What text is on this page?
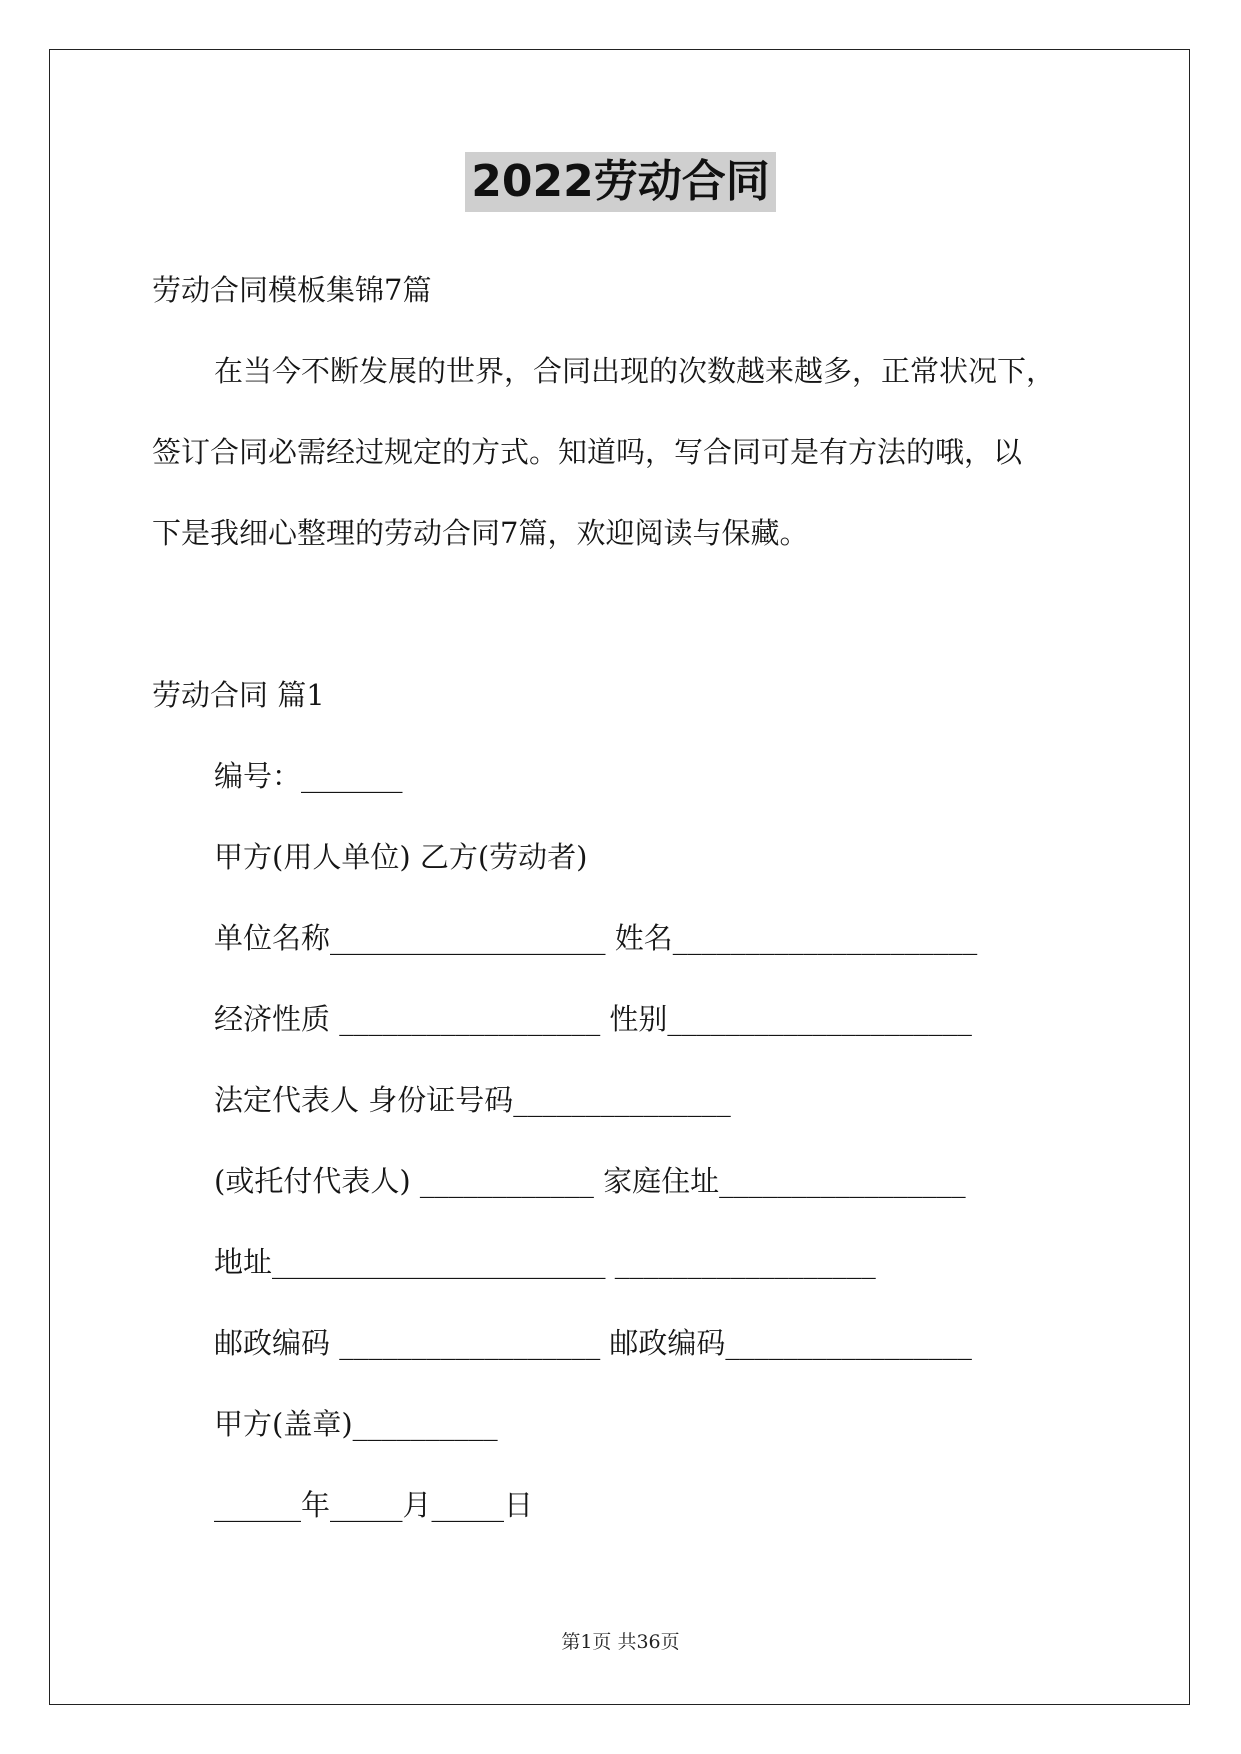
2022劳动合同
劳动合同模板集锦7篇
在当今不断发展的世界，合同出现的次数越来越多，正常状况下，
签订合同必需经过规定的方式。知道吗，写合同可是有方法的哦，以
下是我细心整理的劳动合同7篇，欢迎阅读与保藏。
劳动合同 篇1
编号：_______
甲方(用人单位) 乙方(劳动者)
单位名称___________________ 姓名_____________________
经济性质 __________________ 性别_____________________
法定代表人 身份证号码_______________
(或托付代表人) ____________ 家庭住址_________________
地址_______________________ __________________
邮政编码 __________________ 邮政编码_________________
甲方(盖章)__________
______年_____月_____日
第1页 共36页
